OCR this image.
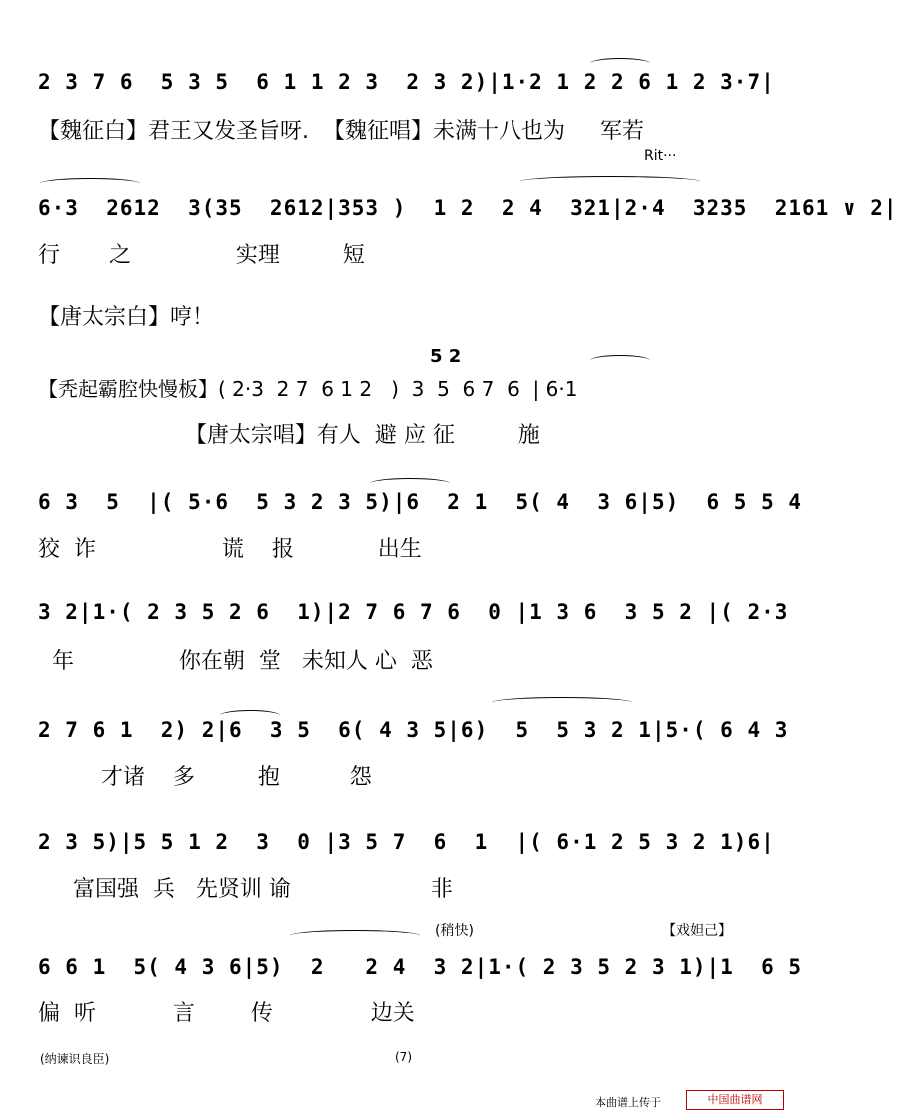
2 3 7 6  5 3 5  6 1 1 2 3  2 3 2)|1·2 1 2 2 6 1 2 3·7|
【魏征白】君王又发圣旨呀.  【魏征唱】未满十八也为     军若
Rit···
6·3  2612  3(35  2612|353 )  1 2  2 4  321|2·4  3235  2161 ∨ 2|
行       之               实理         短
【唐太宗白】哼！
5 2
【秃起霸腔快慢板】( 2·3  2 7  6 1 2   )  3  5  6 7  6  | 6·1
【唐太宗唱】有人  避 应 征         施
6 3  5  |( 5·6  5 3 2 3 5)|6  2 1  5( 4  3 6|5)  6 5 5 4
狡  诈                  谎    报            出生
3 2|1·( 2 3 5 2 6  1)|2 7 6 7 6  0 |1 3 6  3 5 2 |( 2·3
年               你在朝  堂   未知人 心  恶
2 7 6 1  2) 2|6  3 5  6( 4 3 5|6)  5  5 3 2 1|5·( 6 4 3
才诸    多         抱          怨
2 3 5)|5 5 1 2  3  0 |3 5 7  6  1  |( 6·1 2 5 3 2 1)6|
富国强  兵   先贤训 谕                    非
(稍快)	【戏妲己】
6 6 1  5( 4 3 6|5)  2   2 4  3 2|1·( 2 3 5 2 3 1)|1  6 5
偏  听           言        传              边关
(纳谏识良臣)	(7)
本曲谱上传于	中国曲谱网
